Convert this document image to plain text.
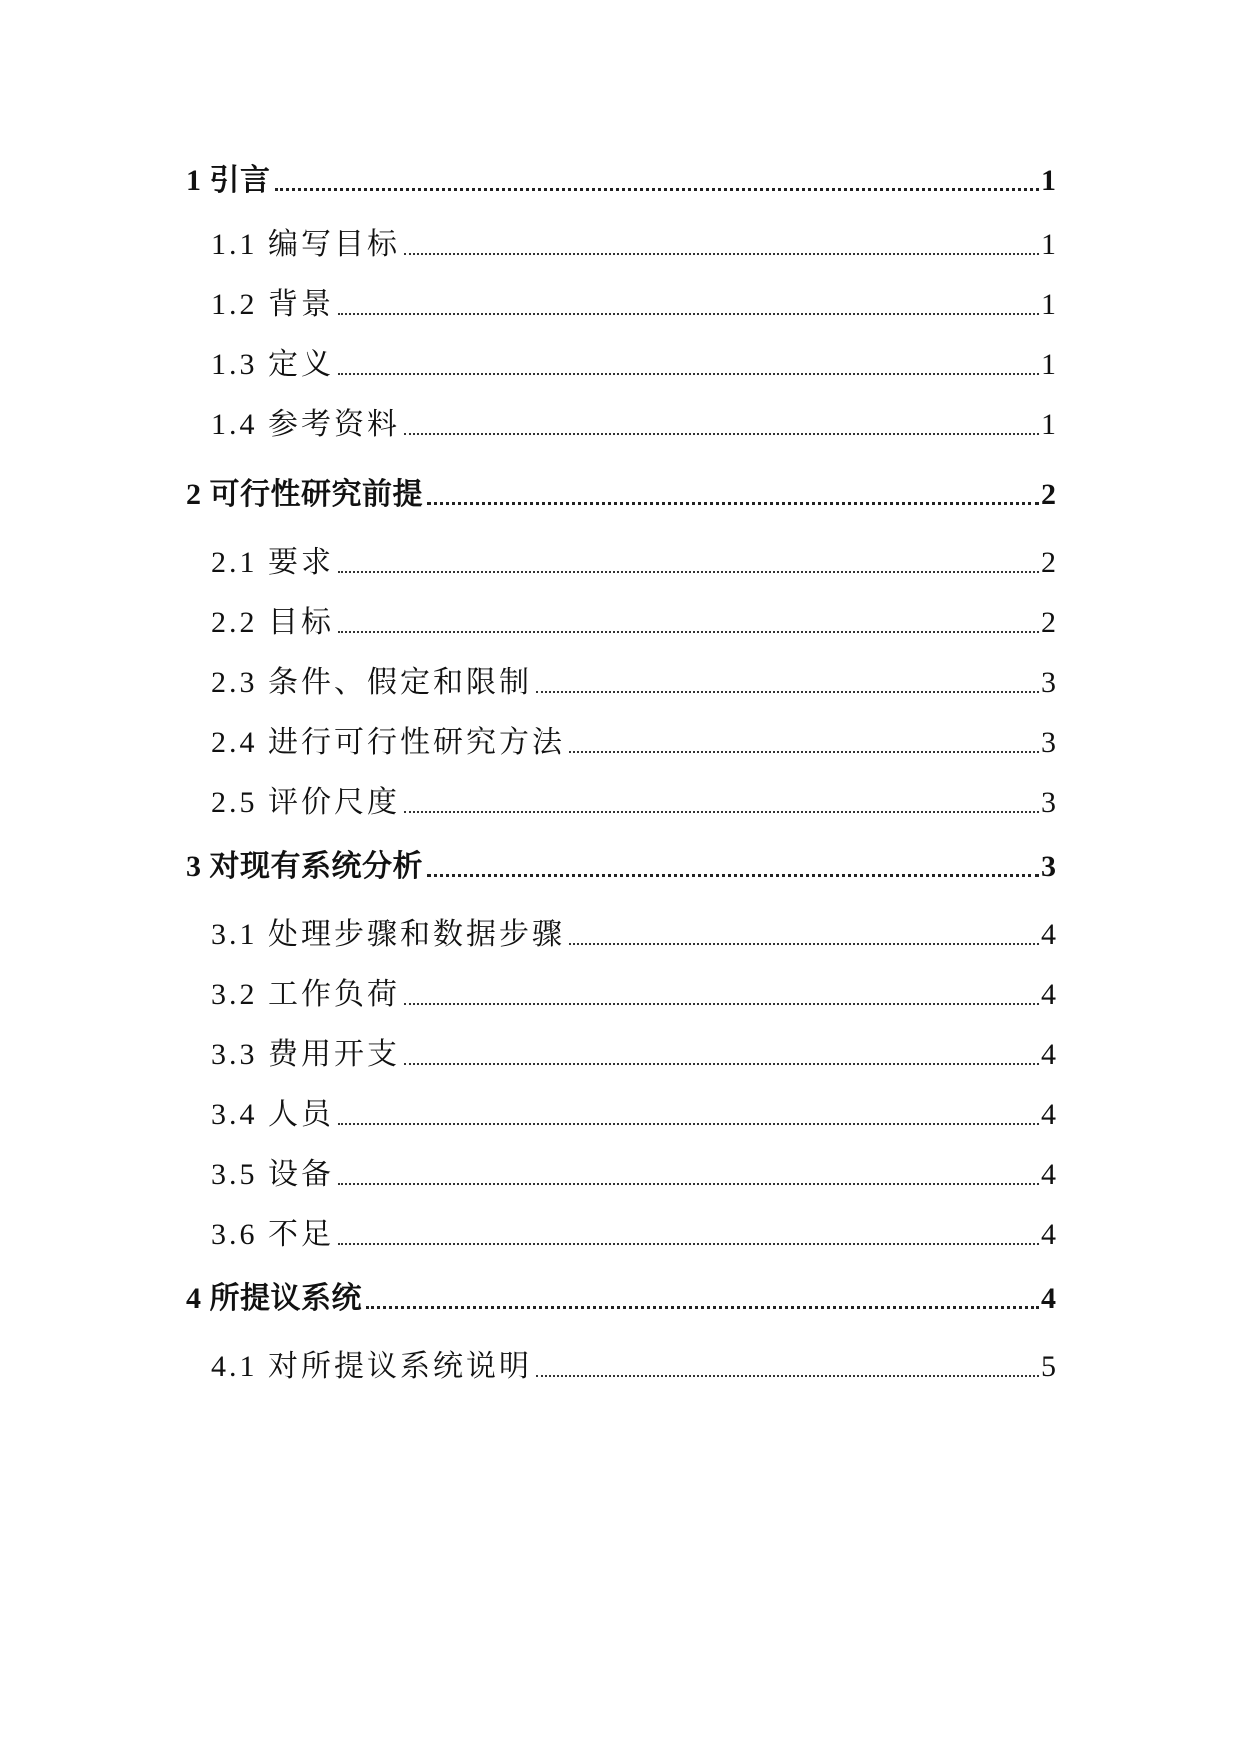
1 引言	1
1.1 编写目标	1
1.2 背景	1
1.3 定义	1
1.4 参考资料	1
2 可行性研究前提	2
2.1 要求	2
2.2 目标	2
2.3 条件、假定和限制	3
2.4 进行可行性研究方法	3
2.5 评价尺度	3
3 对现有系统分析	3
3.1 处理步骤和数据步骤	4
3.2 工作负荷	4
3.3 费用开支	4
3.4 人员	4
3.5 设备	4
3.6 不足	4
4 所提议系统	4
4.1 对所提议系统说明	5
